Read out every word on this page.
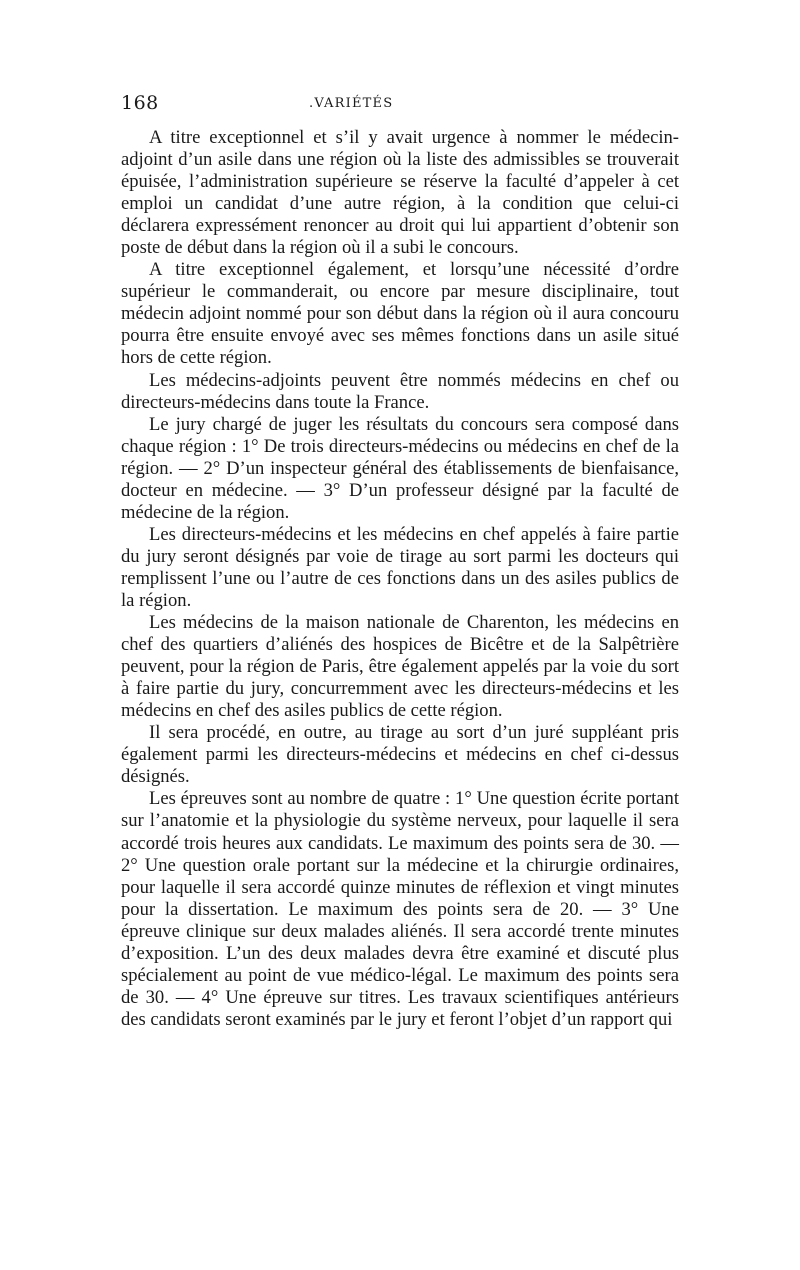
168	.VARIÉTÉS

A titre exceptionnel et s’il y avait urgence à nommer le médecin-adjoint d’un asile dans une région où la liste des admissibles se trouverait épuisée, l’administration supérieure se réserve la faculté d’appeler à cet emploi un candidat d’une autre région, à la condition que celui-ci déclarera expressément renoncer au droit qui lui appartient d’obtenir son poste de début dans la région où il a subi le concours.

A titre exceptionnel également, et lorsqu’une nécessité d’ordre supérieur le commanderait, ou encore par mesure disciplinaire, tout médecin adjoint nommé pour son début dans la région où il aura concouru pourra être ensuite envoyé avec ses mêmes fonctions dans un asile situé hors de cette région.

Les médecins-adjoints peuvent être nommés médecins en chef ou directeurs-médecins dans toute la France.

Le jury chargé de juger les résultats du concours sera composé dans chaque région : 1° De trois directeurs-médecins ou médecins en chef de la région. — 2° D’un inspecteur général des établissements de bienfaisance, docteur en médecine. — 3° D’un professeur désigné par la faculté de médecine de la région.

Les directeurs-médecins et les médecins en chef appelés à faire partie du jury seront désignés par voie de tirage au sort parmi les docteurs qui remplissent l’une ou l’autre de ces fonctions dans un des asiles publics de la région.

Les médecins de la maison nationale de Charenton, les médecins en chef des quartiers d’aliénés des hospices de Bicêtre et de la Salpêtrière peuvent, pour la région de Paris, être également appelés par la voie du sort à faire partie du jury, concurremment avec les directeurs-médecins et les médecins en chef des asiles publics de cette région.

Il sera procédé, en outre, au tirage au sort d’un juré suppléant pris également parmi les directeurs-médecins et médecins en chef ci-dessus désignés.

Les épreuves sont au nombre de quatre : 1° Une question écrite portant sur l’anatomie et la physiologie du système nerveux, pour laquelle il sera accordé trois heures aux candidats. Le maximum des points sera de 30. — 2° Une question orale portant sur la médecine et la chirurgie ordinaires, pour laquelle il sera accordé quinze minutes de réflexion et vingt minutes pour la dissertation. Le maximum des points sera de 20. — 3° Une épreuve clinique sur deux malades aliénés. Il sera accordé trente minutes d’exposition. L’un des deux malades devra être examiné et discuté plus spécialement au point de vue médico-légal. Le maximum des points sera de 30. — 4° Une épreuve sur titres. Les travaux scientifiques antérieurs des candidats seront examinés par le jury et feront l’objet d’un rapport qui
